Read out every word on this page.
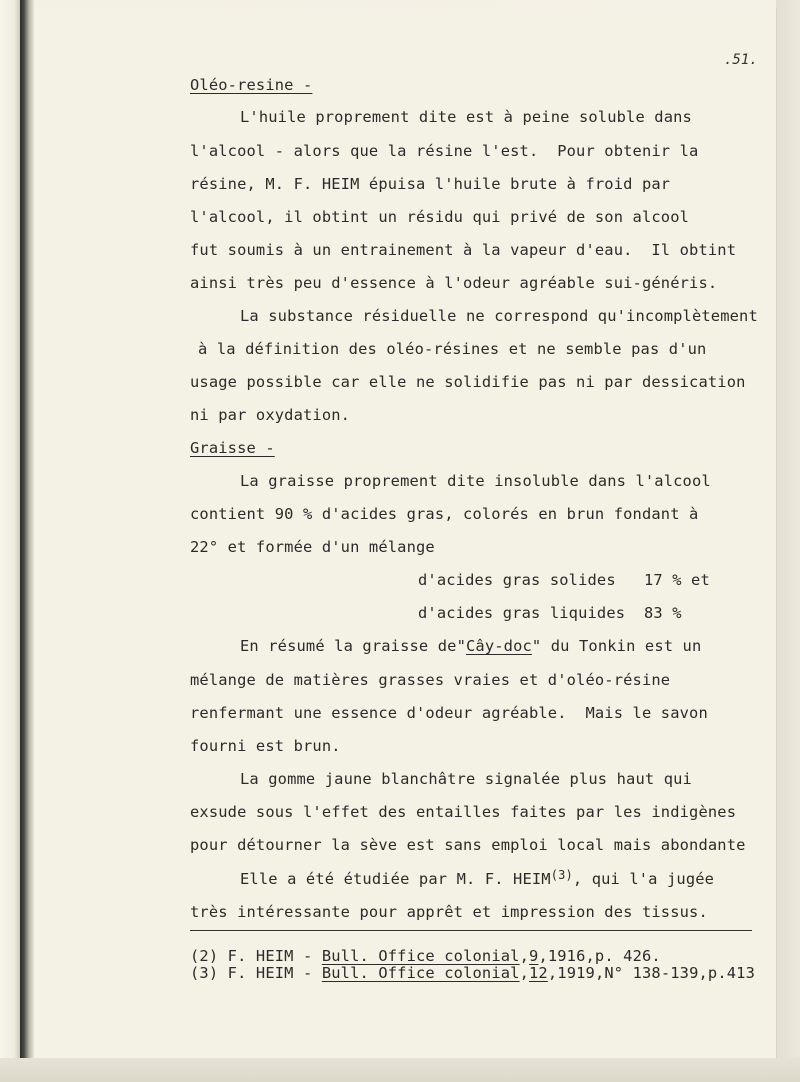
.51.
Oléo-resine -
L'huile proprement dite est à peine soluble dans
l'alcool - alors que la résine l'est.  Pour obtenir la
résine, M. F. HEIM épuisa l'huile brute à froid par
l'alcool, il obtint un résidu qui privé de son alcool
fut soumis à un entrainement à la vapeur d'eau.  Il obtint
ainsi très peu d'essence à l'odeur agréable sui-généris.
La substance résiduelle ne correspond qu'incomplètement
à la définition des oléo-résines et ne semble pas d'un
usage possible car elle ne solidifie pas ni par dessication
ni par oxydation.
Graisse -
La graisse proprement dite insoluble dans l'alcool
contient 90 % d'acides gras, colorés en brun fondant à
22° et formée d'un mélange
d'acides gras solides   17 % et
d'acides gras liquides  83 %
En résumé la graisse de"Cây-doc" du Tonkin est un
mélange de matières grasses vraies et d'oléo-résine
renfermant une essence d'odeur agréable.  Mais le savon
fourni est brun.
La gomme jaune blanchâtre signalée plus haut qui
exsude sous l'effet des entailles faites par les indigènes
pour détourner la sève est sans emploi local mais abondante
Elle a été étudiée par M. F. HEIM$^{(3)}$, qui l'a jugée
très intéressante pour apprêt et impression des tissus.
(2) F. HEIM - Bull. Office colonial,9,1916,p. 426.
(3) F. HEIM - Bull. Office colonial,12,1919,N° 138-139,p.413
